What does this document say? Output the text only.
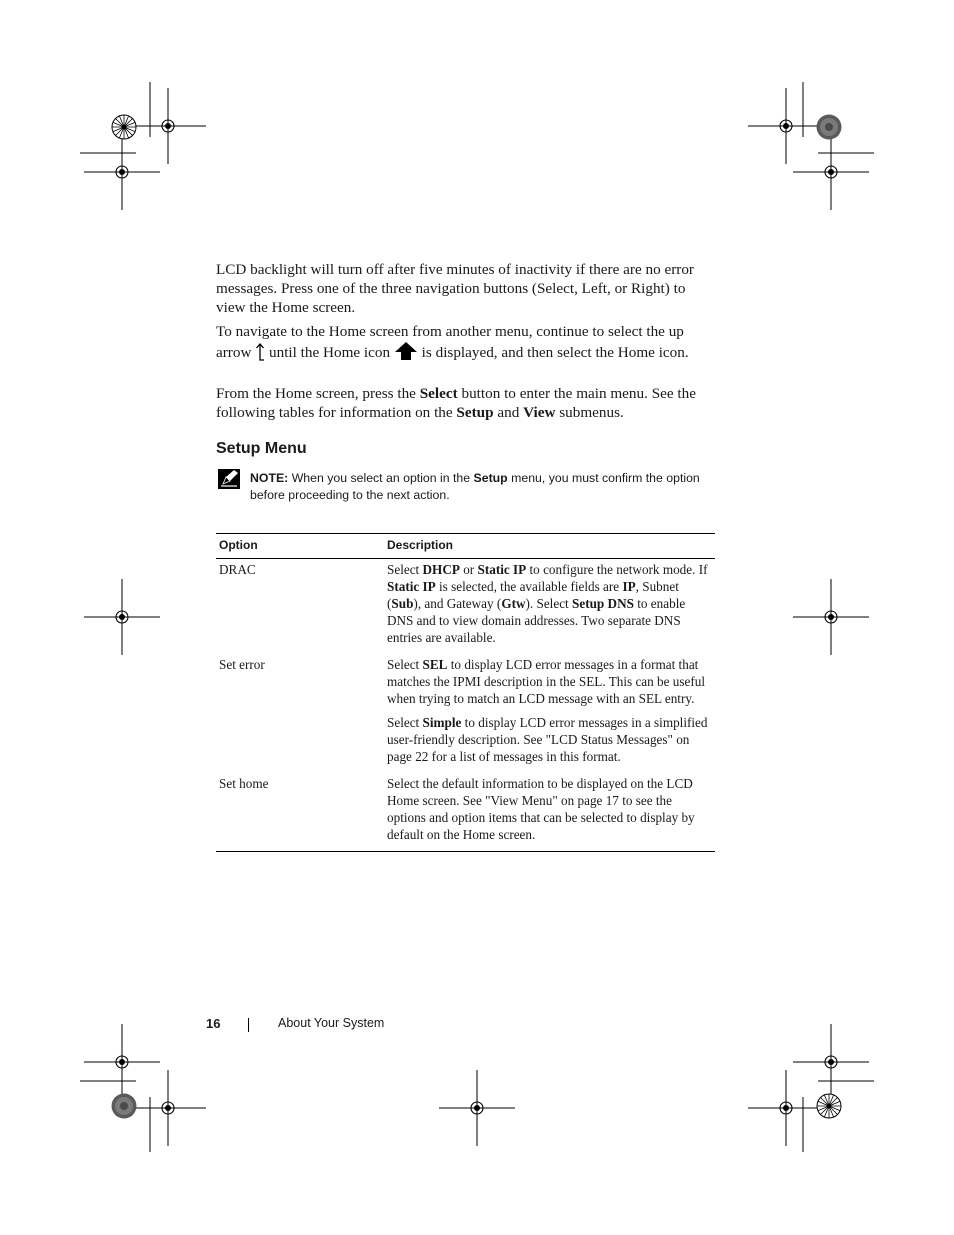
LCD backlight will turn off after five minutes of inactivity if there are no error messages. Press one of the three navigation buttons (Select, Left, or Right) to view the Home screen.

To navigate to the Home screen from another menu, continue to select the up arrow until the Home icon is displayed, and then select the Home icon.

From the Home screen, press the Select button to enter the main menu. See the following tables for information on the Setup and View submenus.

Setup Menu
NOTE: When you select an option in the Setup menu, you must confirm the option before proceeding to the next action.
Option	Description
DRAC	Select DHCP or Static IP to configure the network mode. If Static IP is selected, the available fields are IP, Subnet (Sub), and Gateway (Gtw). Select Setup DNS to enable DNS and to view domain addresses. Two separate DNS entries are available.
Set error	Select SEL to display LCD error messages in a format that matches the IPMI description in the SEL. This can be useful when trying to match an LCD message with an SEL entry.

Select Simple to display LCD error messages in a simplified user-friendly description. See "LCD Status Messages" on page 22 for a list of messages in this format.

Set home	Select the default information to be displayed on the LCD Home screen. See "View Menu" on page 17 to see the options and option items that can be selected to display by default on the Home screen.
16	About Your System
